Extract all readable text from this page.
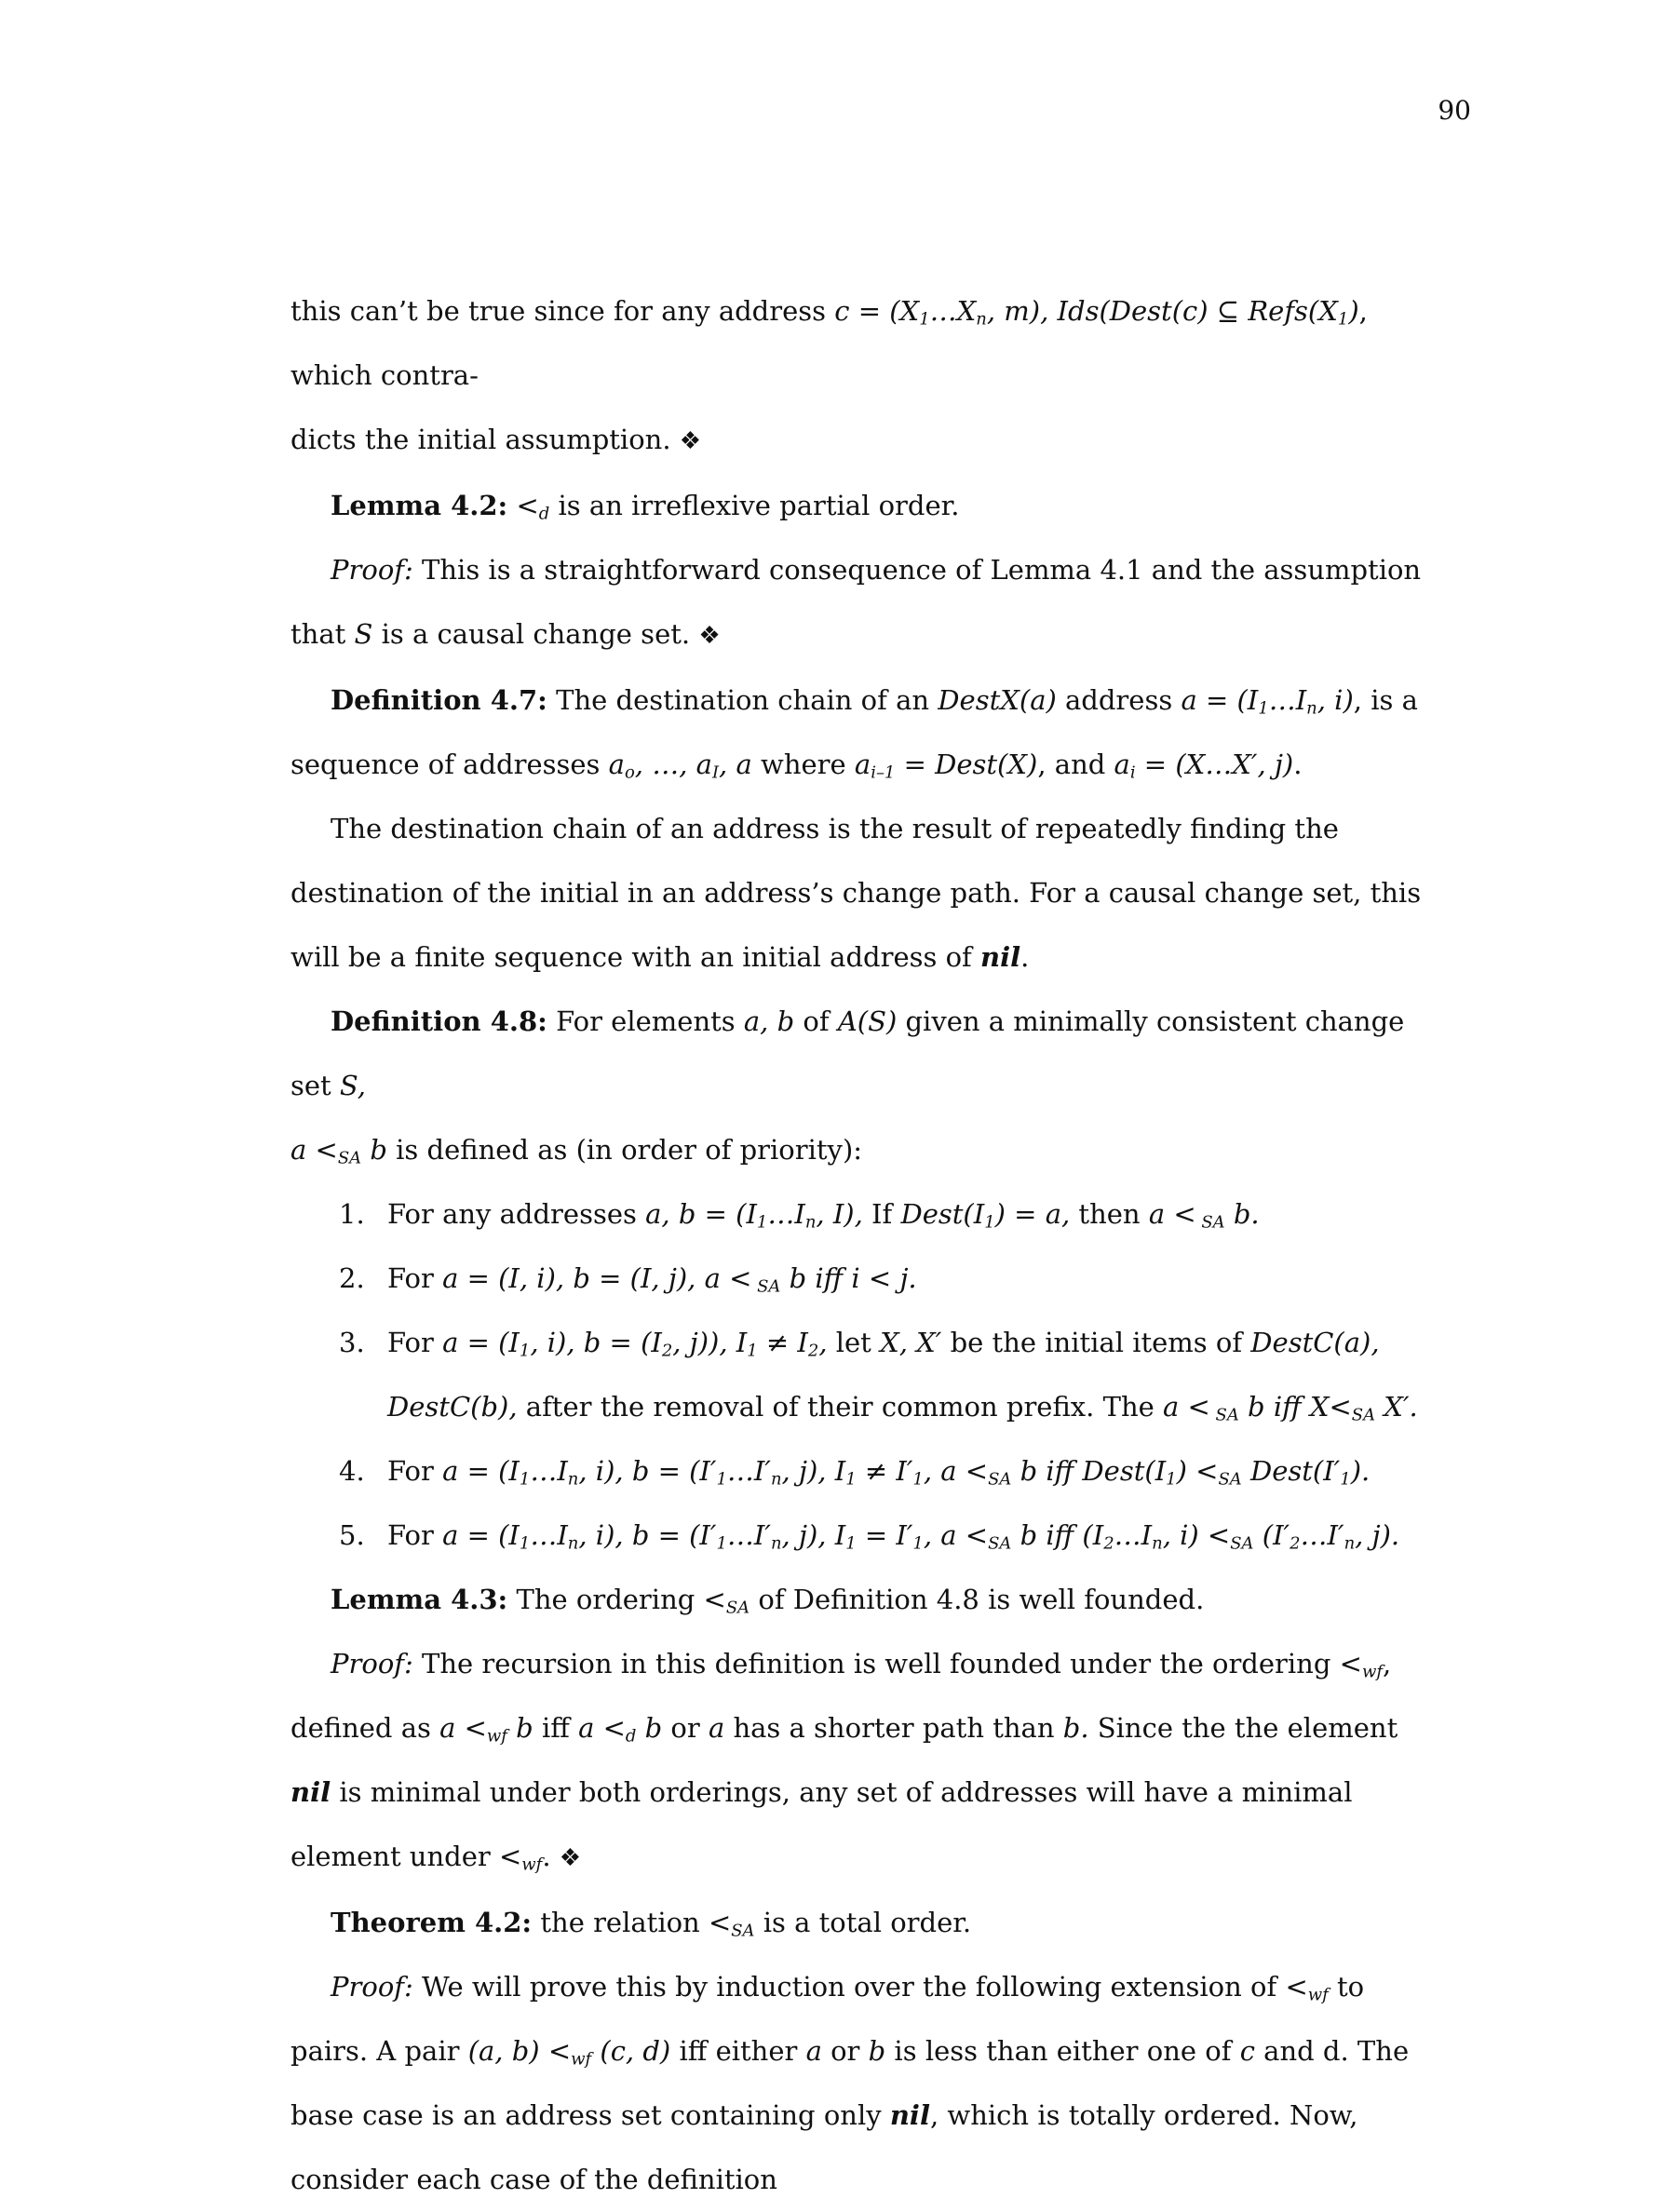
90

this can’t be true since for any address $c = (X_1\dots X_n$, m), Ids(Dest(c) ⊆ $Refs(X_1)$, which contra-
dicts the initial assumption. ❖

Lemma 4.2: $<_d$ is an irreflexive partial order.

Proof: This is a straightforward consequence of Lemma 4.1 and the assumption that S is a causal change set. ❖

Definition 4.7: The destination chain of an DestX(a) address $a = (I_1\dots I_n$, i), is a sequence of addresses $a_o$, …, $a_I$, a where $a_{i-1}$ = Dest(X), and $a_i$ = (X…X′, j).

The destination chain of an address is the result of repeatedly finding the destination of the initial in an address’s change path. For a causal change set, this will be a finite sequence with an initial address of nil.

Definition 4.8: For elements a, b of A(S) given a minimally consistent change set S,
$a <_{SA}$ b is defined as (in order of priority):

1. For any addresses a, $b = (I_1\dots I_n$, I), If $Dest(I_1) = a$, then a < $_{SA}$ b.
2. For a = (I, i), b = (I, j), a < $_{SA}$ b iff i < j.
3. For $a = (I_1$, i), $b = (I_2$, j)), $I_1 \ne I_2$, let X, X′ be the initial items of DestC(a), DestC(b), after the removal of their common prefix. The a < $_{SA}$ b iff $X<_{SA}$ X′.
4. For $a = (I_1\dots I_n$, i), $b = (I'_1\dots I'_n$, j), $I_1 \ne I'_1$, $a <_{SA}$ b iff $Dest(I_1) <_{SA}$ $Dest(I'_1)$.
5. For $a = (I_1\dots I_n$, i), $b = (I'_1\dots I'_n$, j), $I_1 = I'_1$, $a <_{SA}$ b iff ($I_2\dots I_n$, $i) <_{SA}$ ($I'_2\dots I'_n$, j).

Lemma 4.3: The ordering $<_{SA}$ of Definition 4.8 is well founded.

Proof: The recursion in this definition is well founded under the ordering $<_{wf}$, defined as $a <_{wf}$ b iff $a <_d$ b or a has a shorter path than b. Since the the element nil is minimal under both orderings, any set of addresses will have a minimal element under $<_{wf}$. ❖

Theorem 4.2: the relation $<_{SA}$ is a total order.

Proof: We will prove this by induction over the following extension of $<_{wf}$ to pairs. A pair (a, $b) <_{wf}$ (c, d) iff either a or b is less than either one of c and d. The base case is an address set containing only nil, which is totally ordered. Now, consider each case of the definition
